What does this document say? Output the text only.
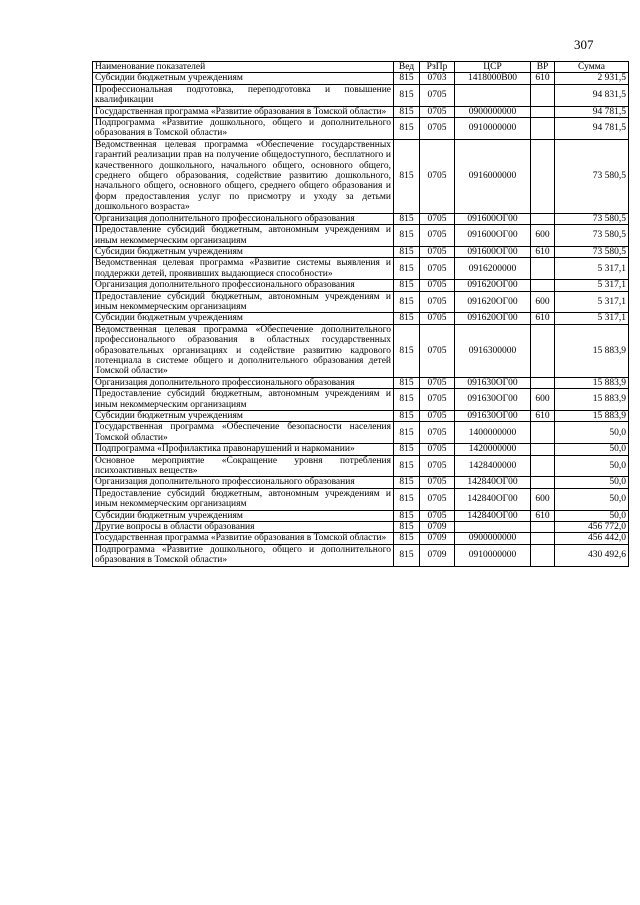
307
Наименование показателей	Вед	РзПр	ЦСР	ВР	Сумма
Субсидии бюджетным учреждениям	815	0703	1418000В00	610	2 931,5
Профессиональная подготовка, переподготовка и повышение квалификации	815	0705			94 831,5
Государственная программа «Развитие образования в Томской области»	815	0705	0900000000		94 781,5
Подпрограмма «Развитие дошкольного, общего и дополнительного образования в Томской области»	815	0705	0910000000		94 781,5
Ведомственная целевая программа «Обеспечение государственных гарантий реализации прав на получение общедоступного, бесплатного и качественного дошкольного, начального общего, основного общего, среднего общего образования, содействие развитию дошкольного, начального общего, основного общего, среднего общего образования и форм предоставления услуг по присмотру и уходу за детьми дошкольного возраста»	815	0705	0916000000		73 580,5
Организация дополнительного профессионального образования	815	0705	091600ОГ00		73 580,5
Предоставление субсидий бюджетным, автономным учреждениям и иным некоммерческим организациям	815	0705	091600ОГ00	600	73 580,5
Субсидии бюджетным учреждениям	815	0705	091600ОГ00	610	73 580,5
Ведомственная целевая программа «Развитие системы выявления и поддержки детей, проявивших выдающиеся способности»	815	0705	0916200000		5 317,1
Организация дополнительного профессионального образования	815	0705	091620ОГ00		5 317,1
Предоставление субсидий бюджетным, автономным учреждениям и иным некоммерческим организациям	815	0705	091620ОГ00	600	5 317,1
Субсидии бюджетным учреждениям	815	0705	091620ОГ00	610	5 317,1
Ведомственная целевая программа «Обеспечение дополнительного профессионального образования в областных государственных образовательных организациях и содействие развитию кадрового потенциала в системе общего и дополнительного образования детей Томской области»	815	0705	0916300000		15 883,9
Организация дополнительного профессионального образования	815	0705	091630ОГ00		15 883,9
Предоставление субсидий бюджетным, автономным учреждениям и иным некоммерческим организациям	815	0705	091630ОГ00	600	15 883,9
Субсидии бюджетным учреждениям	815	0705	091630ОГ00	610	15 883,9
Государственная программа «Обеспечение безопасности населения Томской области»	815	0705	1400000000		50,0
Подпрограмма «Профилактика правонарушений и наркомании»	815	0705	1420000000		50,0
Основное мероприятие «Сокращение уровня потребления психоактивных веществ»	815	0705	1428400000		50,0
Организация дополнительного профессионального образования	815	0705	142840ОГ00		50,0
Предоставление субсидий бюджетным, автономным учреждениям и иным некоммерческим организациям	815	0705	142840ОГ00	600	50,0
Субсидии бюджетным учреждениям	815	0705	142840ОГ00	610	50,0
Другие вопросы в области образования	815	0709			456 772,0
Государственная программа «Развитие образования в Томской области»	815	0709	0900000000		456 442,0
Подпрограмма «Развитие дошкольного, общего и дополнительного образования в Томской области»	815	0709	0910000000		430 492,6
